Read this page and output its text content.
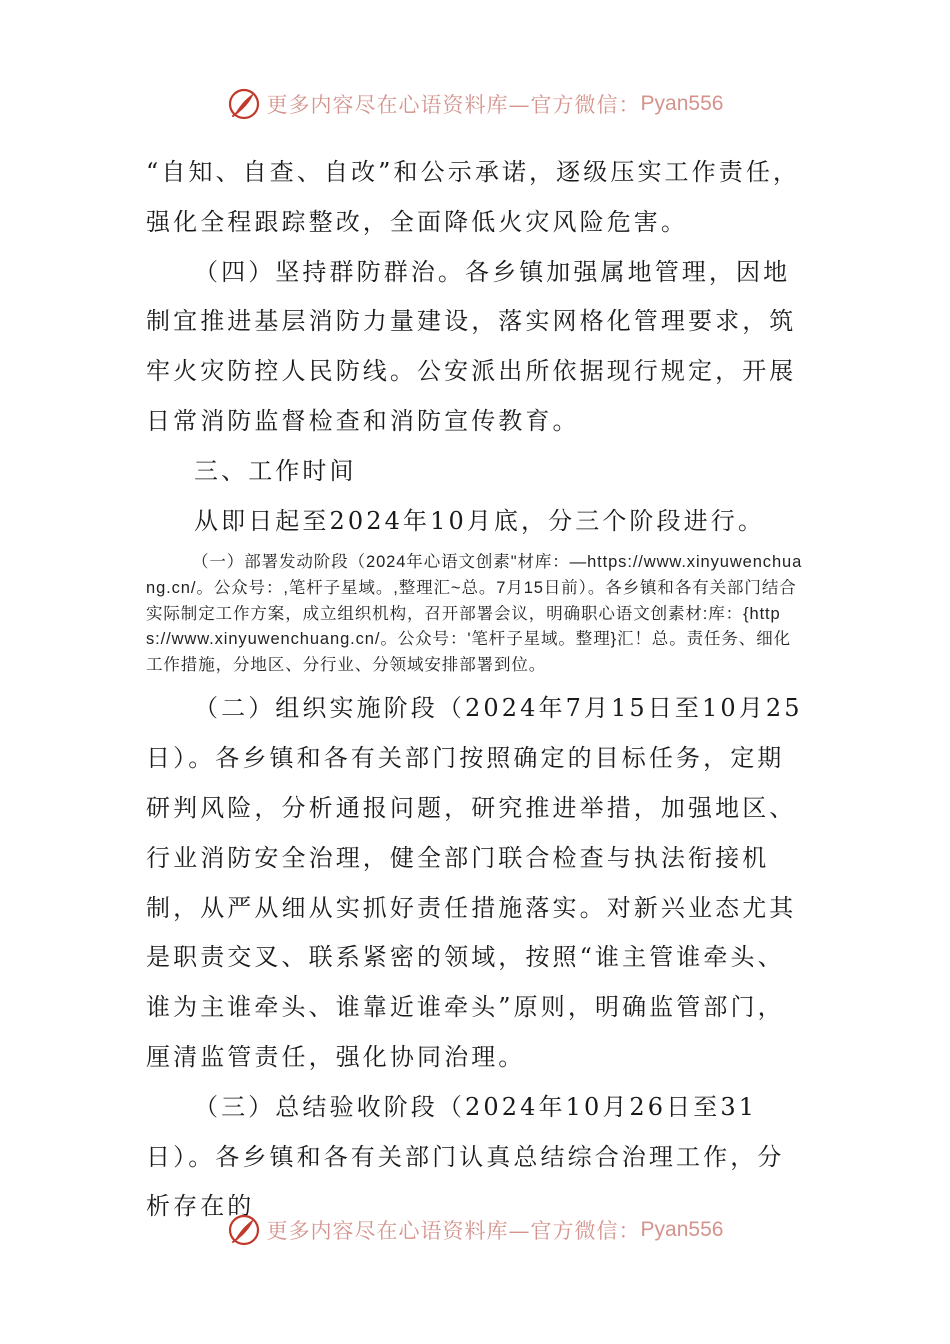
更多内容尽在心语资料库—官方微信： Pyan556

“自知、自查、自改”和公示承诺，逐级压实工作责任，强化全程跟踪整改，全面降低火灾风险危害。

（四）坚持群防群治。各乡镇加强属地管理，因地制宜推进基层消防力量建设，落实网格化管理要求，筑牢火灾防控人民防线。公安派出所依据现行规定，开展日常消防监督检查和消防宣传教育。

三、工作时间

从即日起至2024年10月底，分三个阶段进行。

（一）部署发动阶段（2024年心语文创素"材库：—https://www.xinyuwenchuang.cn/。公众号：,笔杆子星域。,整理汇~总。7月15日前）。各乡镇和各有关部门结合实际制定工作方案，成立组织机构，召开部署会议，明确职心语文创素材:库：{https://www.xinyuwenchuang.cn/。公众号：'笔杆子星域。整理}汇！总。责任务、细化工作措施，分地区、分行业、分领域安排部署到位。

（二）组织实施阶段（2024年7月15日至10月25日）。各乡镇和各有关部门按照确定的目标任务，定期研判风险，分析通报问题，研究推进举措，加强地区、行业消防安全治理，健全部门联合检查与执法衔接机制，从严从细从实抓好责任措施落实。对新兴业态尤其是职责交叉、联系紧密的领域，按照“谁主管谁牵头、谁为主谁牵头、谁靠近谁牵头”原则，明确监管部门，厘清监管责任，强化协同治理。

（三）总结验收阶段（2024年10月26日至31日）。各乡镇和各有关部门认真总结综合治理工作，分析存在的

更多内容尽在心语资料库—官方微信： Pyan556
